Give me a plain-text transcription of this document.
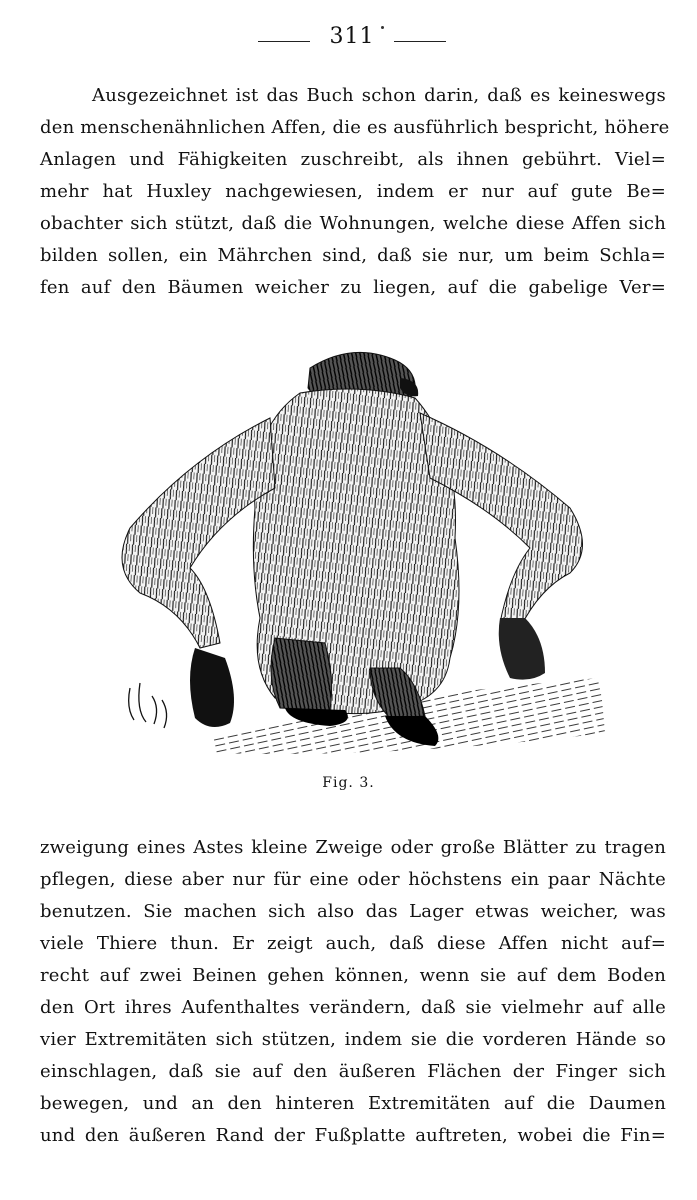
311
Ausgezeichnet ist das Buch schon darin, daß es keineswegs
den menschenähnlichen Affen, die es ausführlich bespricht, höhere
Anlagen und Fähigkeiten zuschreibt, als ihnen gebührt. Viel=
mehr hat Huxley nachgewiesen, indem er nur auf gute Be=
obachter sich stützt, daß die Wohnungen, welche diese Affen sich
bilden sollen, ein Mährchen sind, daß sie nur, um beim Schla=
fen auf den Bäumen weicher zu liegen, auf die gabelige Ver=
Fig. 3.
zweigung eines Astes kleine Zweige oder große Blätter zu tragen
pflegen, diese aber nur für eine oder höchstens ein paar Nächte
benutzen. Sie machen sich also das Lager etwas weicher, was
viele Thiere thun. Er zeigt auch, daß diese Affen nicht auf=
recht auf zwei Beinen gehen können, wenn sie auf dem Boden
den Ort ihres Aufenthaltes verändern, daß sie vielmehr auf alle
vier Extremitäten sich stützen, indem sie die vorderen Hände so
einschlagen, daß sie auf den äußeren Flächen der Finger sich
bewegen, und an den hinteren Extremitäten auf die Daumen
und den äußeren Rand der Fußplatte auftreten, wobei die Fin=
